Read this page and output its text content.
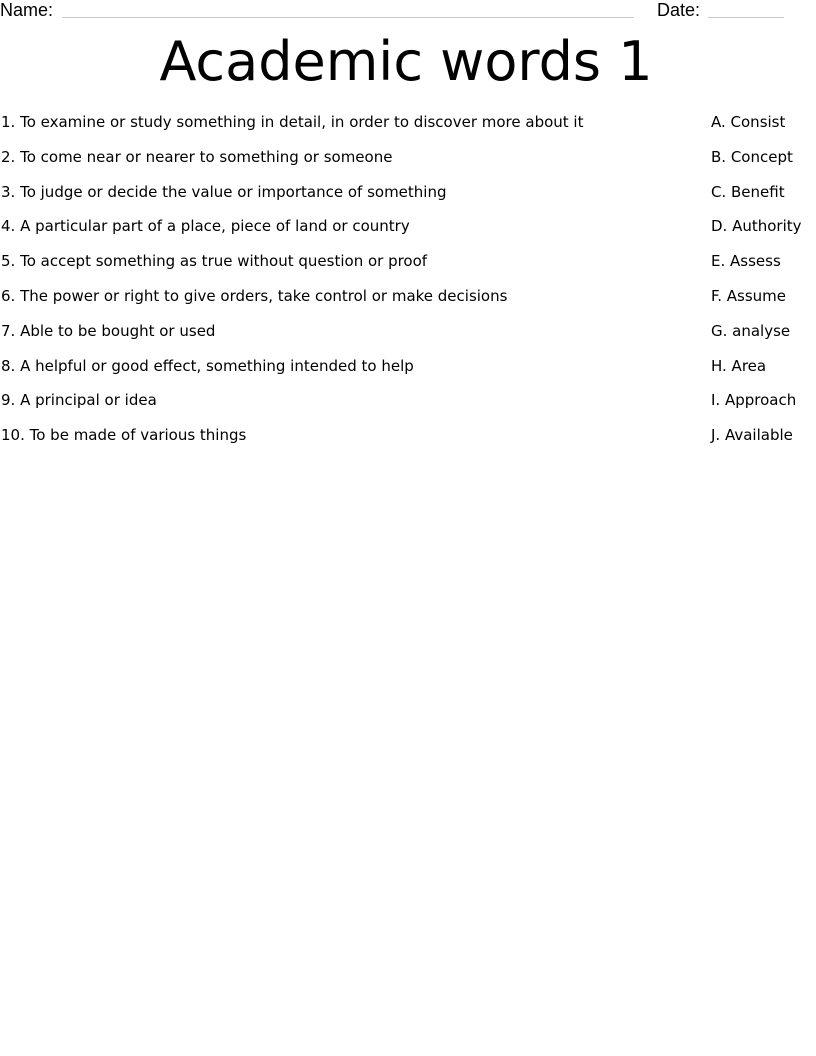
Name:	Date:
Academic words 1
1. To examine or study something in detail, in order to discover more about it	A. Consist
2. To come near or nearer to something or someone	B. Concept
3. To judge or decide the value or importance of something	C. Benefit
4. A particular part of a place, piece of land or country	D. Authority
5. To accept something as true without question or proof	E. Assess
6. The power or right to give orders, take control or make decisions	F. Assume
7. Able to be bought or used	G. analyse
8. A helpful or good effect, something intended to help	H. Area
9. A principal or idea	I. Approach
10. To be made of various things	J. Available
